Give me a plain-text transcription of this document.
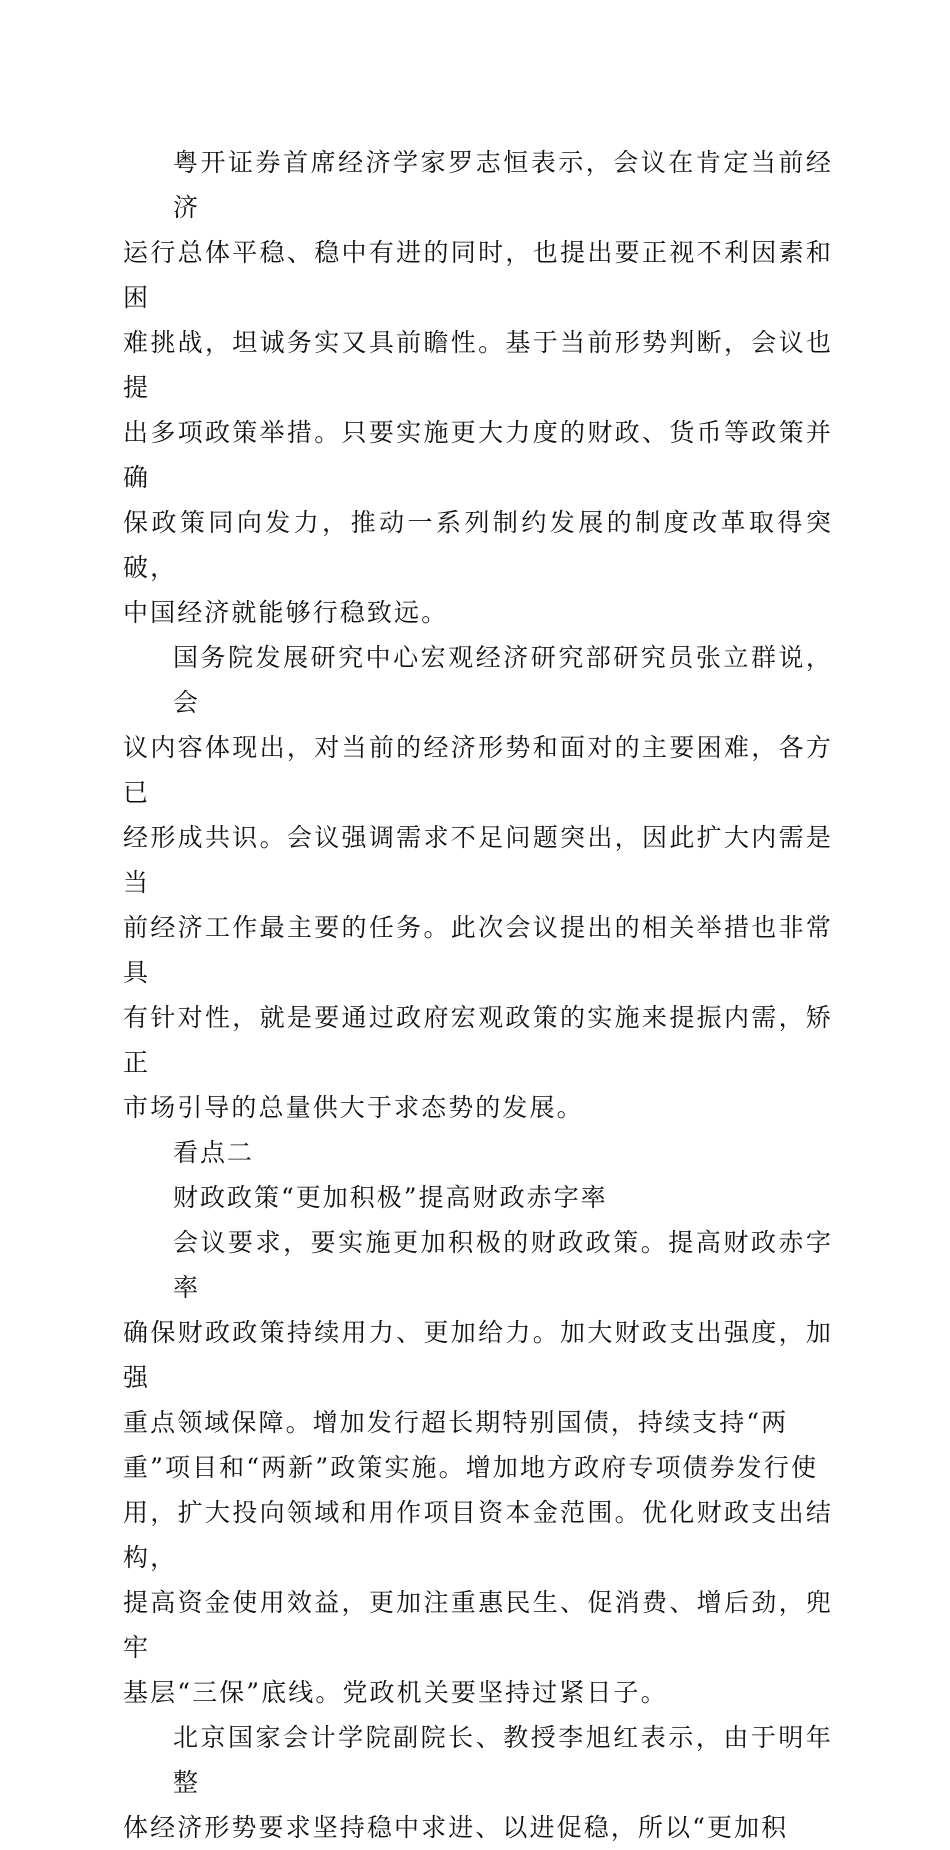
粤开证券首席经济学家罗志恒表示，会议在肯定当前经济
运行总体平稳、稳中有进的同时，也提出要正视不利因素和困
难挑战，坦诚务实又具前瞻性。基于当前形势判断，会议也提
出多项政策举措。只要实施更大力度的财政、货币等政策并确
保政策同向发力，推动一系列制约发展的制度改革取得突破，
中国经济就能够行稳致远。

国务院发展研究中心宏观经济研究部研究员张立群说，会
议内容体现出，对当前的经济形势和面对的主要困难，各方已
经形成共识。会议强调需求不足问题突出，因此扩大内需是当
前经济工作最主要的任务。此次会议提出的相关举措也非常具
有针对性，就是要通过政府宏观政策的实施来提振内需，矫正
市场引导的总量供大于求态势的发展。

看点二

财政政策“更加积极”提高财政赤字率

会议要求，要实施更加积极的财政政策。提高财政赤字率
确保财政政策持续用力、更加给力。加大财政支出强度，加强
重点领域保障。增加发行超长期特别国债，持续支持“两
重”项目和“两新”政策实施。增加地方政府专项债券发行使
用，扩大投向领域和用作项目资本金范围。优化财政支出结构，
提高资金使用效益，更加注重惠民生、促消费、增后劲，兜牢
基层“三保”底线。党政机关要坚持过紧日子。

北京国家会计学院副院长、教授李旭红表示，由于明年整
体经济形势要求坚持稳中求进、以进促稳，所以“更加积
